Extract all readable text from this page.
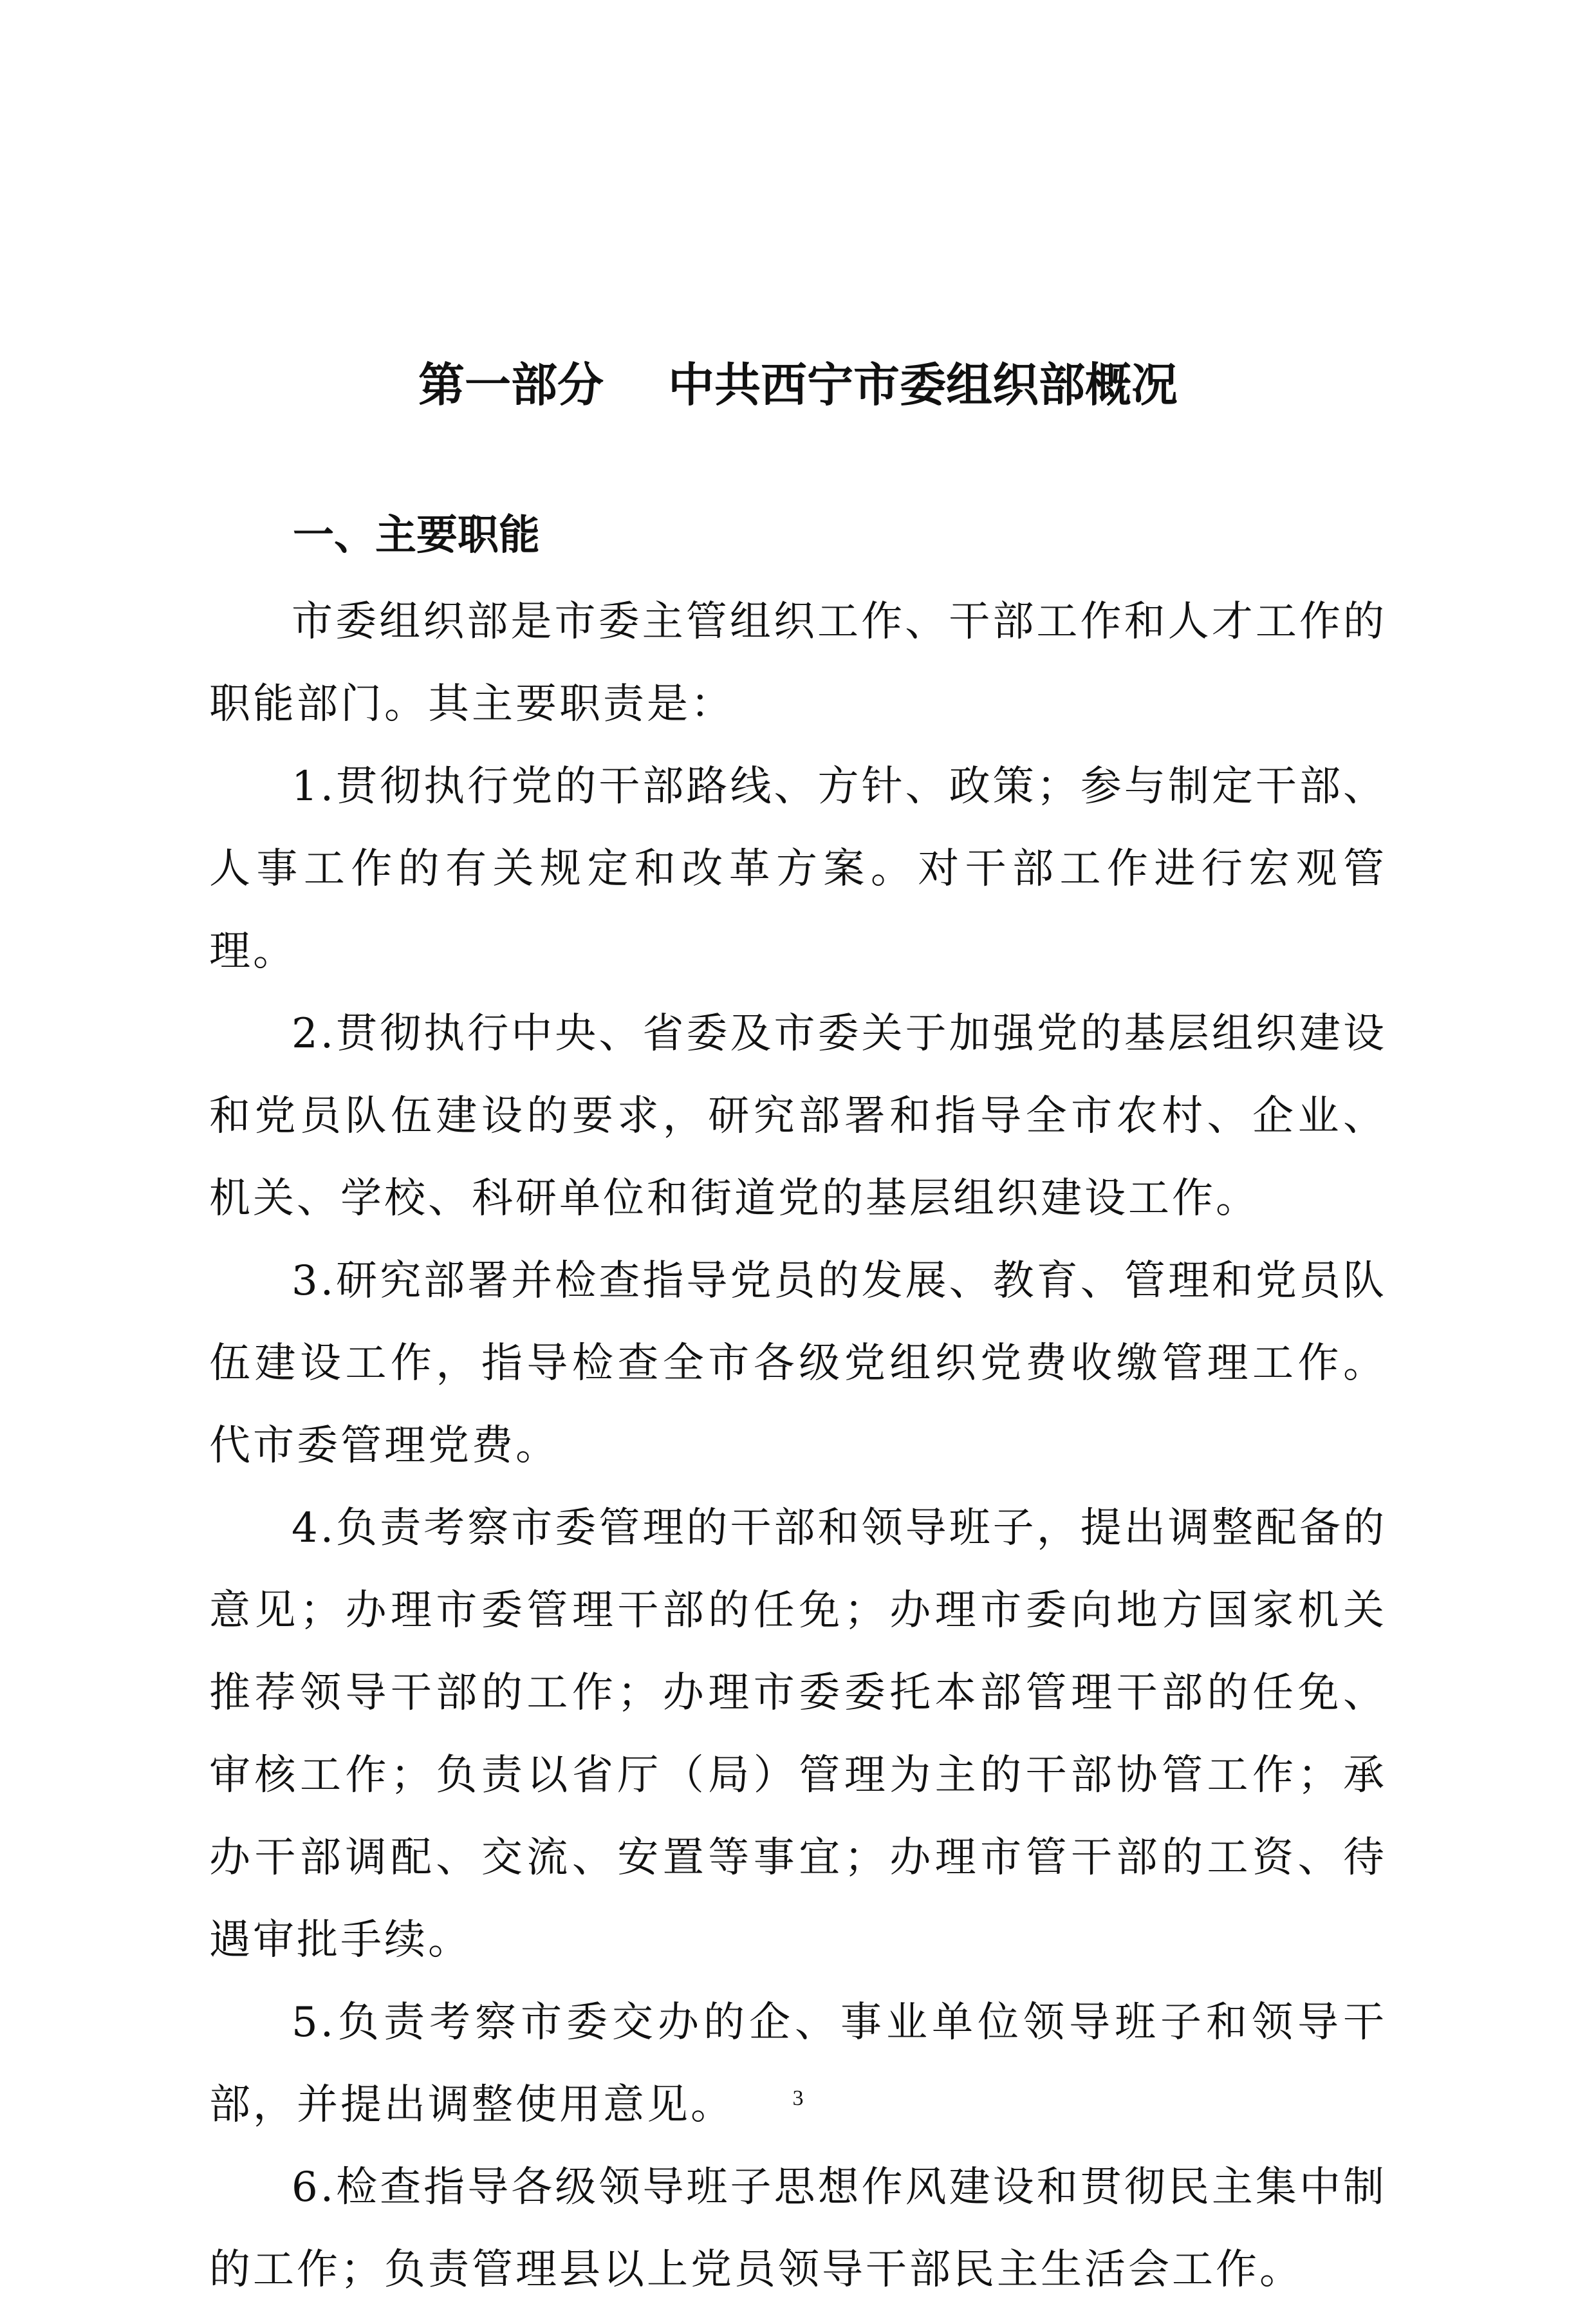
第一部分 中共西宁市委组织部概况
一、主要职能

市委组织部是市委主管组织工作、干部工作和人才工作的职能部门。其主要职责是：

1.贯彻执行党的干部路线、方针、政策；参与制定干部、人事工作的有关规定和改革方案。对干部工作进行宏观管理。

2.贯彻执行中央、省委及市委关于加强党的基层组织建设和党员队伍建设的要求，研究部署和指导全市农村、企业、机关、学校、科研单位和街道党的基层组织建设工作。

3.研究部署并检查指导党员的发展、教育、管理和党员队伍建设工作，指导检查全市各级党组织党费收缴管理工作。代市委管理党费。

4.负责考察市委管理的干部和领导班子，提出调整配备的意见；办理市委管理干部的任免；办理市委向地方国家机关推荐领导干部的工作；办理市委委托本部管理干部的任免、审核工作；负责以省厅（局）管理为主的干部协管工作；承办干部调配、交流、安置等事宜；办理市管干部的工资、待遇审批手续。

5.负责考察市委交办的企、事业单位领导班子和领导干部，并提出调整使用意见。

6.检查指导各级领导班子思想作风建设和贯彻民主集中制的工作；负责管理县以上党员领导干部民主生活会工作。

3
